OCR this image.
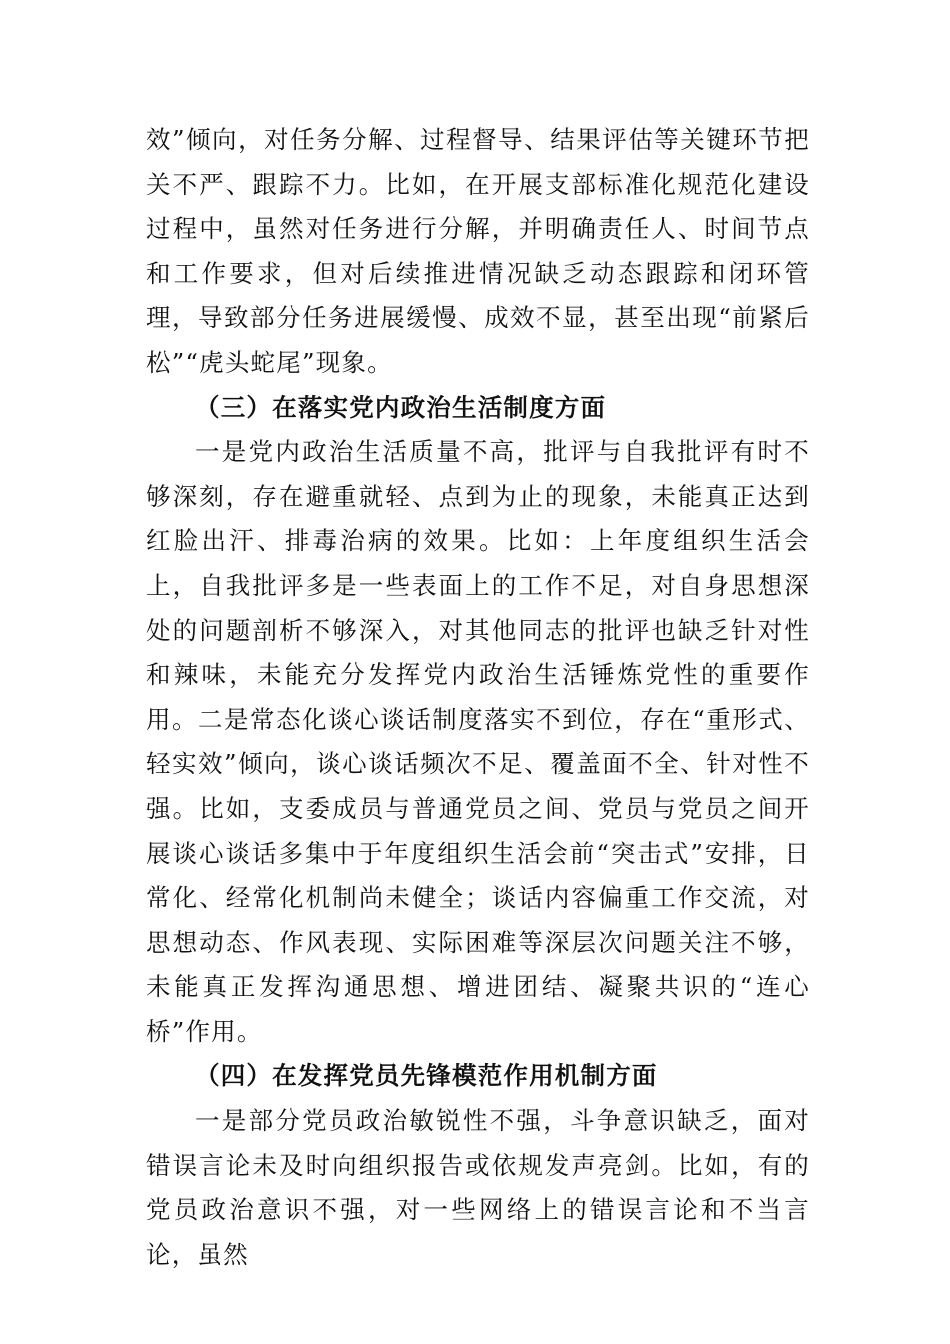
效”倾向，对任务分解、过程督导、结果评估等关键环节把关不严、跟踪不力。比如，在开展支部标准化规范化建设过程中，虽然对任务进行分解，并明确责任人、时间节点和工作要求，但对后续推进情况缺乏动态跟踪和闭环管理，导致部分任务进展缓慢、成效不显，甚至出现“前紧后松”“虎头蛇尾”现象。

（三）在落实党内政治生活制度方面

一是党内政治生活质量不高，批评与自我批评有时不够深刻，存在避重就轻、点到为止的现象，未能真正达到红脸出汗、排毒治病的效果。比如：上年度组织生活会上，自我批评多是一些表面上的工作不足，对自身思想深处的问题剖析不够深入，对其他同志的批评也缺乏针对性和辣味，未能充分发挥党内政治生活锤炼党性的重要作用。二是常态化谈心谈话制度落实不到位，存在“重形式、轻实效”倾向，谈心谈话频次不足、覆盖面不全、针对性不强。比如，支委成员与普通党员之间、党员与党员之间开展谈心谈话多集中于年度组织生活会前“突击式”安排，日常化、经常化机制尚未健全；谈话内容偏重工作交流，对思想动态、作风表现、实际困难等深层次问题关注不够，未能真正发挥沟通思想、增进团结、凝聚共识的“连心桥”作用。

（四）在发挥党员先锋模范作用机制方面

一是部分党员政治敏锐性不强，斗争意识缺乏，面对错误言论未及时向组织报告或依规发声亮剑。比如，有的党员政治意识不强，对一些网络上的错误言论和不当言论，虽然
